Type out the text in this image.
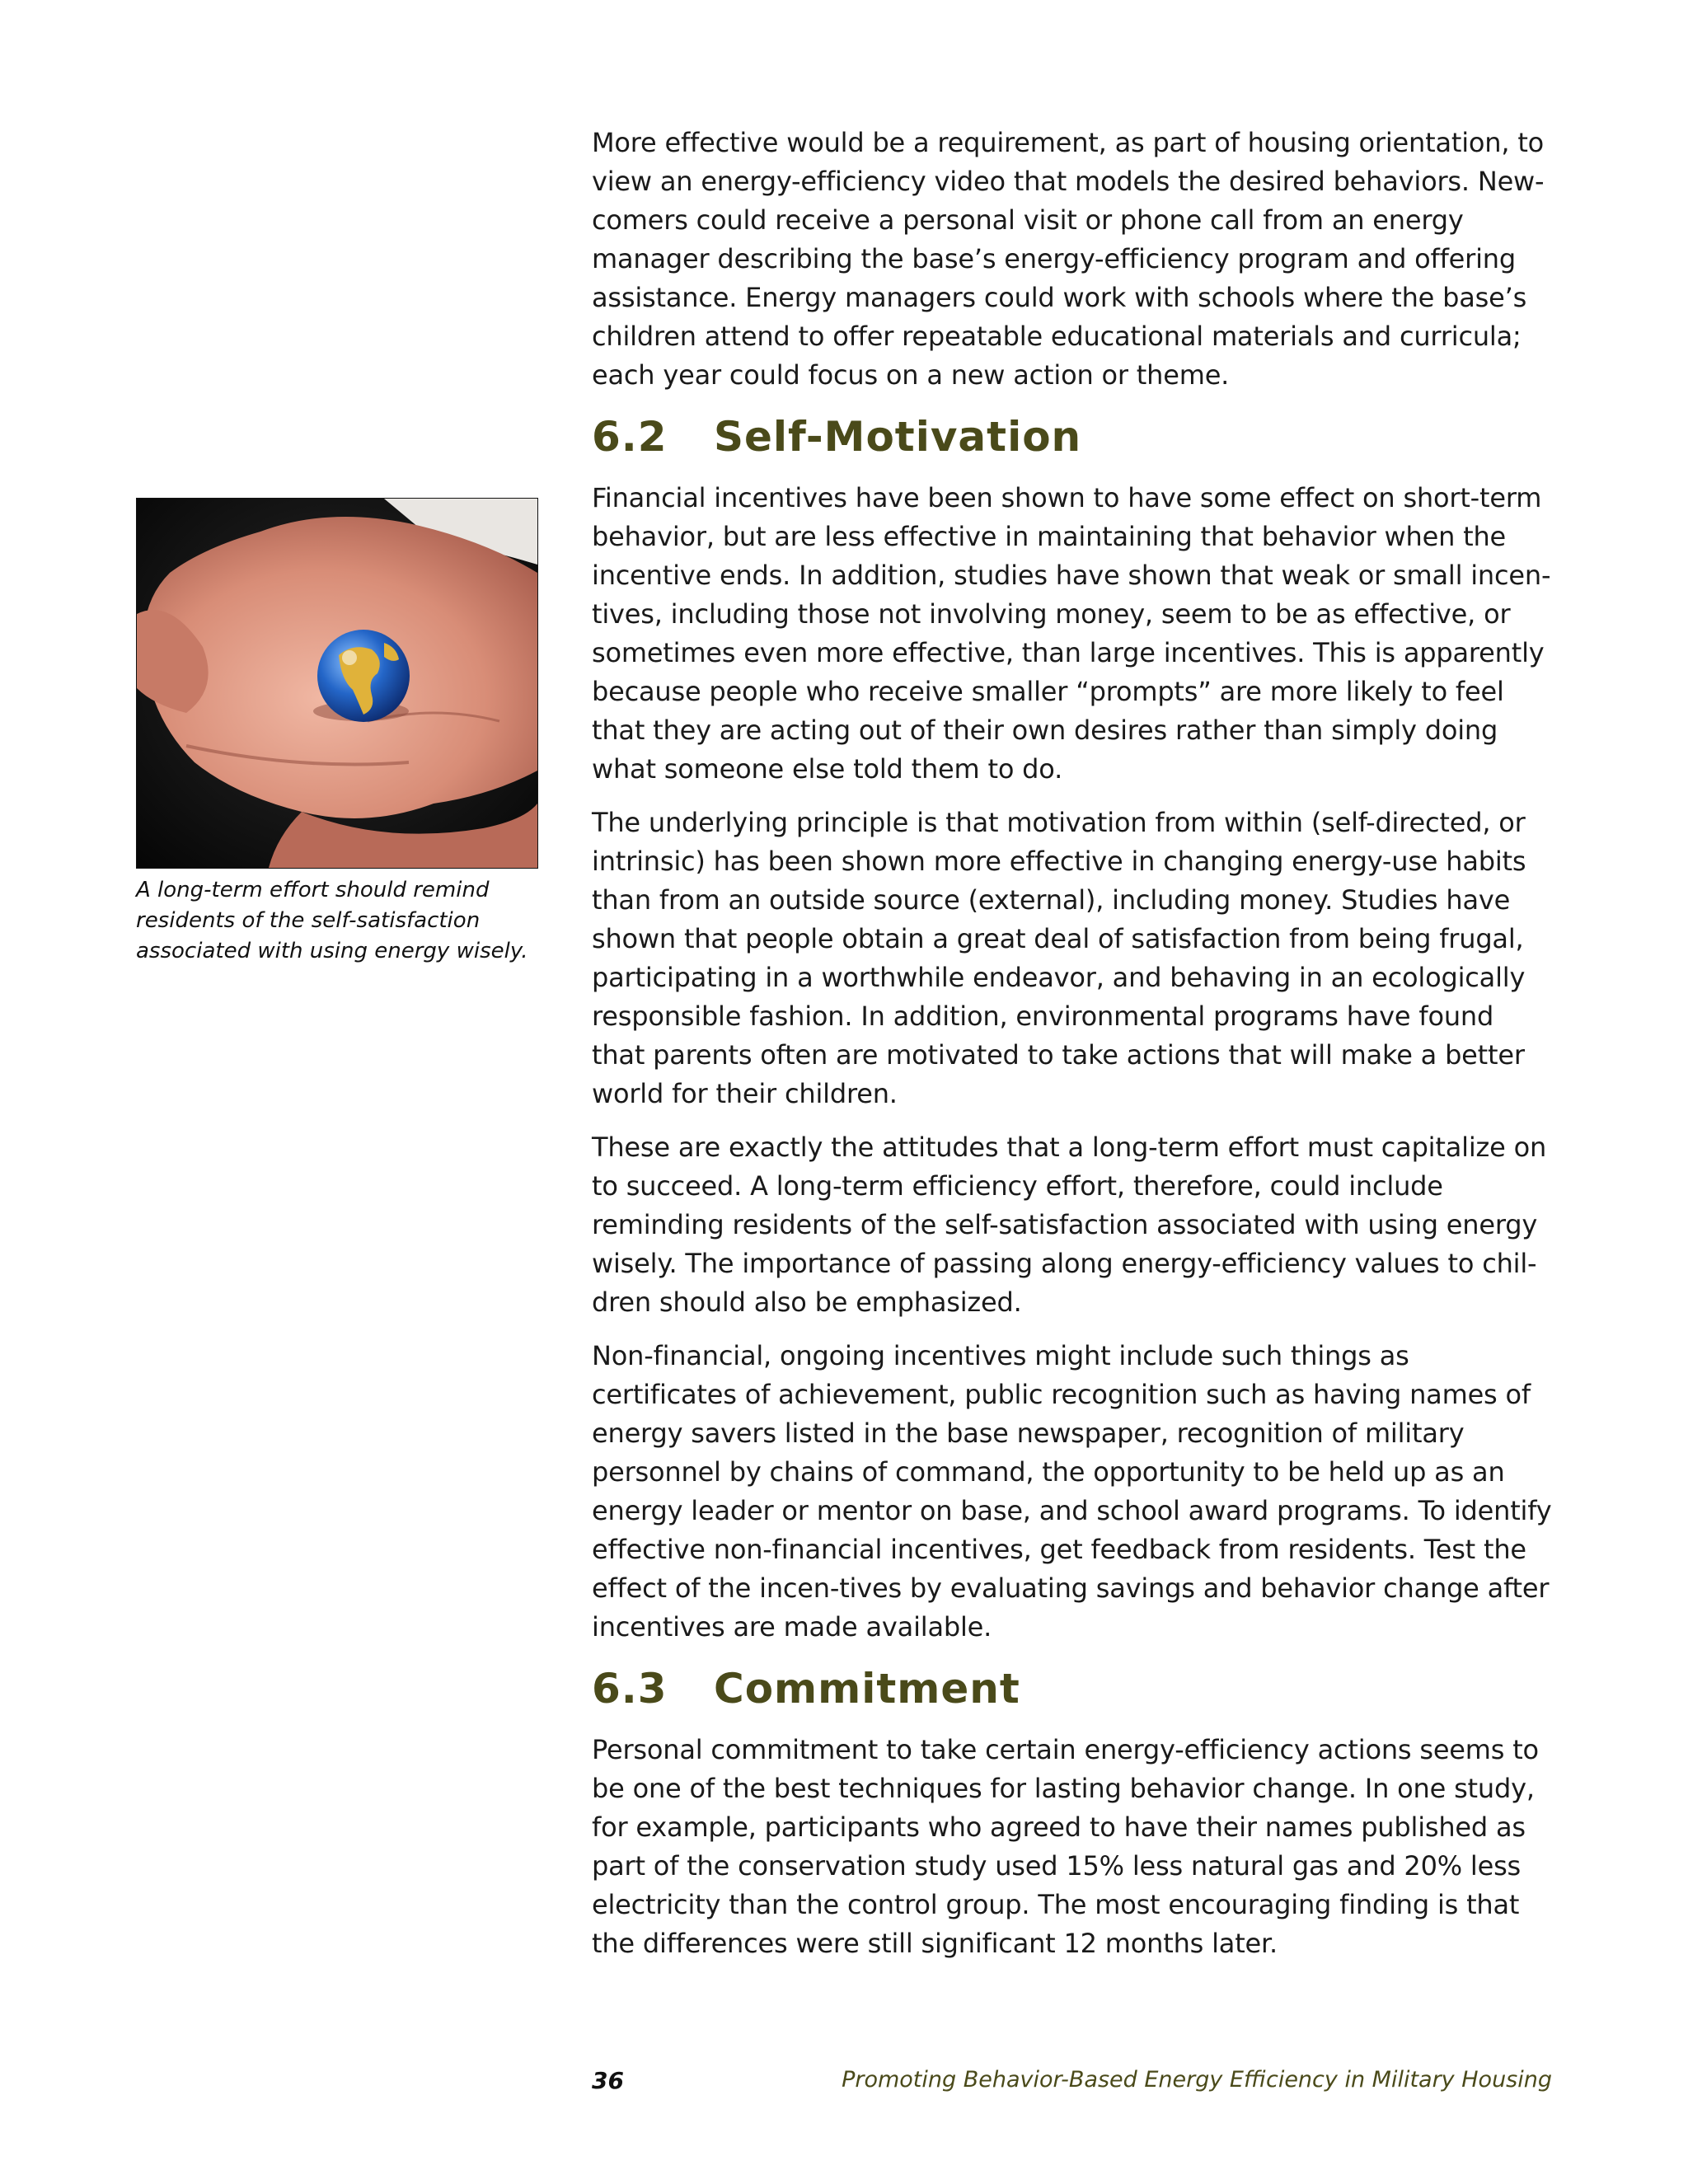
More effective would be a requirement, as part of housing orientation, to view an energy-efficiency video that models the desired behaviors. New-comers could receive a personal visit or phone call from an energy manager describing the base’s energy-efficiency program and offering assistance. Energy managers could work with schools where the base’s children attend to offer repeatable educational materials and curricula; each year could focus on a new action or theme.

6.2 Self-Motivation

Financial incentives have been shown to have some effect on short-term behavior, but are less effective in maintaining that behavior when the incentive ends. In addition, studies have shown that weak or small incen-tives, including those not involving money, seem to be as effective, or sometimes even more effective, than large incentives. This is apparently because people who receive smaller “prompts” are more likely to feel that they are acting out of their own desires rather than simply doing what someone else told them to do.

The underlying principle is that motivation from within (self-directed, or intrinsic) has been shown more effective in changing energy-use habits than from an outside source (external), including money. Studies have shown that people obtain a great deal of satisfaction from being frugal, participating in a worthwhile endeavor, and behaving in an ecologically responsible fashion. In addition, environmental programs have found that parents often are motivated to take actions that will make a better world for their children.

These are exactly the attitudes that a long-term effort must capitalize on to succeed. A long-term efficiency effort, therefore, could include reminding residents of the self-satisfaction associated with using energy wisely. The importance of passing along energy-efficiency values to chil-dren should also be emphasized.

Non-financial, ongoing incentives might include such things as certificates of achievement, public recognition such as having names of energy savers listed in the base newspaper, recognition of military personnel by chains of command, the opportunity to be held up as an energy leader or mentor on base, and school award programs. To identify effective non-financial incentives, get feedback from residents. Test the effect of the incen-tives by evaluating savings and behavior change after incentives are made available.

6.3 Commitment

Personal commitment to take certain energy-efficiency actions seems to be one of the best techniques for lasting behavior change. In one study, for example, participants who agreed to have their names published as part of the conservation study used 15% less natural gas and 20% less electricity than the control group. The most encouraging finding is that the differences were still significant 12 months later.

A long-term effort should remind residents of the self-satisfaction associated with using energy wisely.
36	Promoting Behavior-Based Energy Efficiency in Military Housing
